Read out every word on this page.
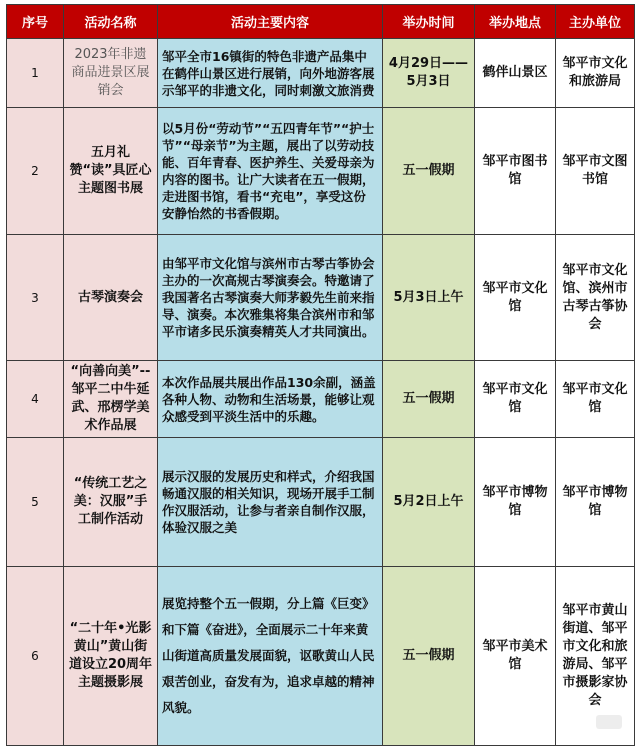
序号	活动名称	活动主要内容	举办时间	举办地点	主办单位
1	2023年非遗商品进景区展销会	邹平全市16镇街的特色非遗产品集中在鹤伴山景区进行展销，向外地游客展示邹平的非遗文化，同时刺激文旅消费	4月29日——5月3日	鹤伴山景区	邹平市文化和旅游局
2	五月礼赞“读”具匠心主题图书展	以5月份“劳动节”“五四青年节”“护士节”“母亲节”为主题，展出了以劳动技能、百年青春、医护养生、关爱母亲为内容的图书。让广大读者在五一假期，走进图书馆，看书“充电”，享受这份安静怡然的书香假期。	五一假期	邹平市图书馆	邹平市文图书馆
3	古琴演奏会	由邹平市文化馆与滨州市古琴古筝协会主办的一次高规古琴演奏会。特邀请了我国著名古琴演奏大师茅毅先生前来指导、演奏。本次雅集将集合滨州市和邹平市诸多民乐演奏精英人才共同演出。	5月3日上午	邹平市文化馆	邹平市文化馆、滨州市古琴古筝协会
4	“向善向美”--邹平二中牛延武、邢楞学美术作品展	本次作品展共展出作品130余副，涵盖各种人物、动物和生活场景，能够让观众感受到平淡生活中的乐趣。	五一假期	邹平市文化馆	邹平市文化馆
5	“传统工艺之美：汉服”手工制作活动	展示汉服的发展历史和样式，介绍我国畅通汉服的相关知识，现场开展手工制作汉服活动，让参与者亲自制作汉服，体验汉服之美	5月2日上午	邹平市博物馆	邹平市博物馆
6	“二十年•光影黄山”黄山街道设立20周年主题摄影展	展览持整个五一假期，分上篇《巨变》和下篇《奋进》，全面展示二十年来黄山街道高质量发展面貌，讴歌黄山人民艰苦创业，奋发有为，追求卓越的精神风貌。	五一假期	邹平市美术馆	邹平市黄山街道、邹平市文化和旅游局、邹平市摄影家协会
